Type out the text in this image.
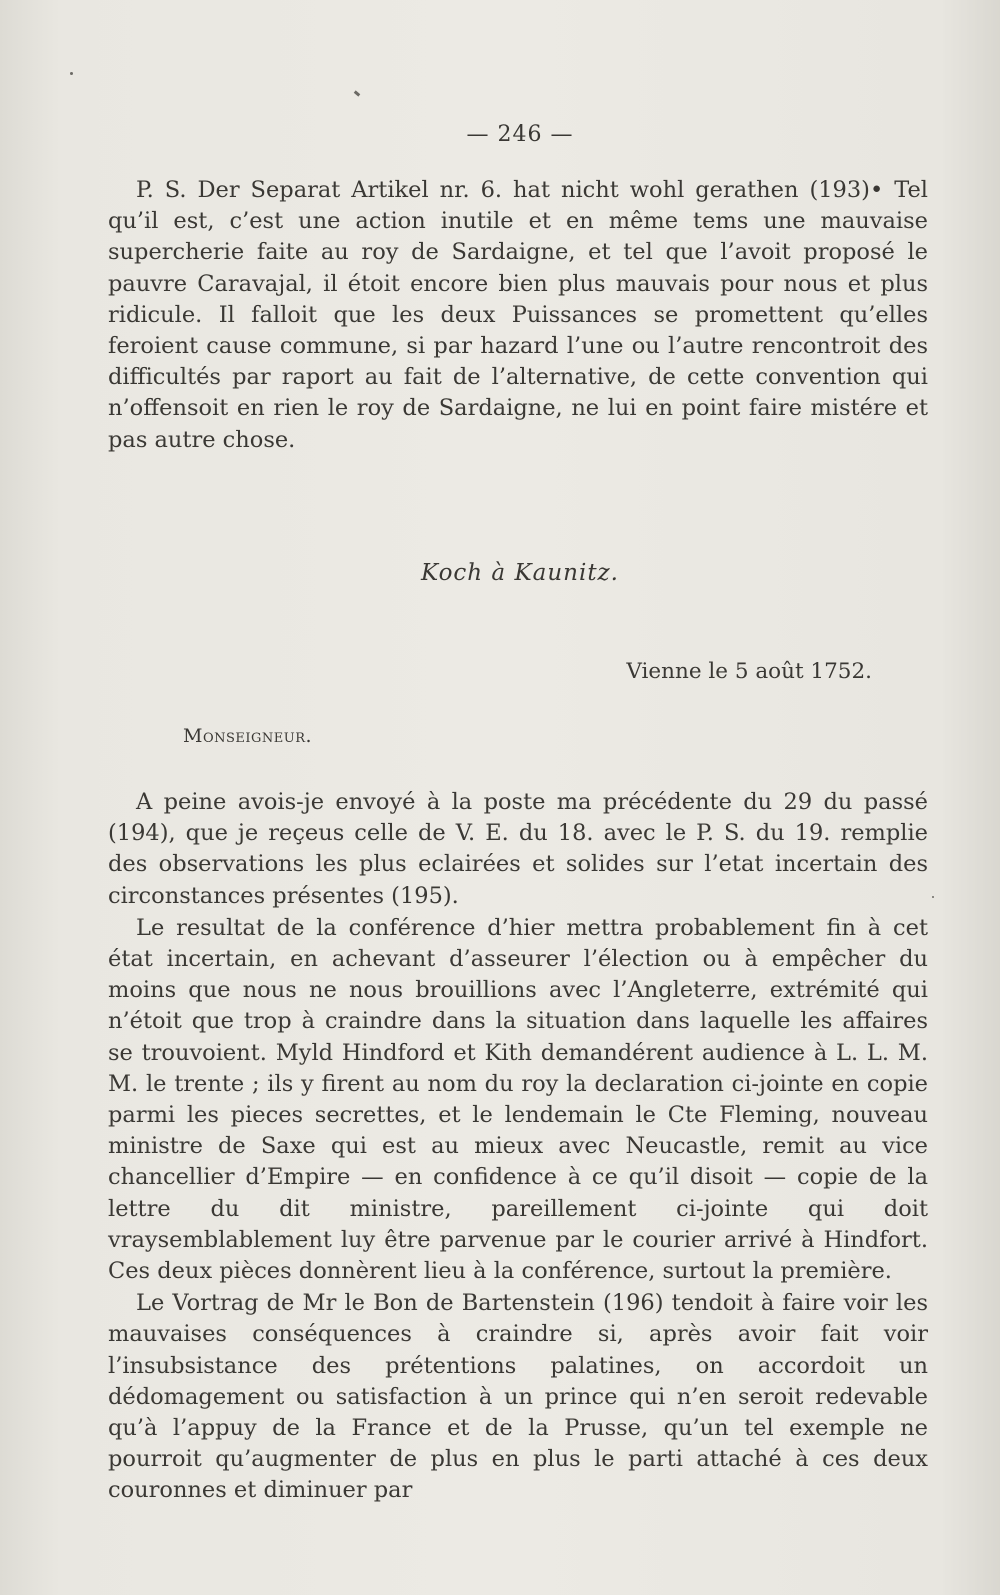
— 246 —

P. S. Der Separat Artikel nr. 6. hat nicht wohl gerathen (193)• Tel qu’il est, c’est une action inutile et en même tems une mauvaise supercherie faite au roy de Sardaigne, et tel que l’avoit proposé le pauvre Caravajal, il étoit encore bien plus mauvais pour nous et plus ridicule. Il falloit que les deux Puissances se promettent qu’elles feroient cause commune, si par hazard l’une ou l’autre rencontroit des difficultés par raport au fait de l’alternative, de cette convention qui n’offensoit en rien le roy de Sardaigne, ne lui en point faire mistére et pas autre chose.

Koch à Kaunitz.
Vienne le 5 août 1752.
Monseigneur.

A peine avois-je envoyé à la poste ma précédente du 29 du passé (194), que je reçeus celle de V. E. du 18. avec le P. S. du 19. remplie des observations les plus eclairées et solides sur l’etat incertain des circonstances présentes (195).

Le resultat de la conférence d’hier mettra probablement fin à cet état incertain, en achevant d’asseurer l’élection ou à empêcher du moins que nous ne nous brouillions avec l’Angleterre, extrémité qui n’étoit que trop à craindre dans la situation dans laquelle les affaires se trouvoient. Myld Hindford et Kith demandérent audience à L. L. M. M. le trente ; ils y firent au nom du roy la declaration ci-jointe en copie parmi les pieces secrettes, et le lendemain le Cte Fleming, nouveau ministre de Saxe qui est au mieux avec Neucastle, remit au vice chancellier d’Empire — en confidence à ce qu’il disoit — copie de la lettre du dit ministre, pareillement ci-jointe qui doit vraysemblablement luy être parvenue par le courier arrivé à Hindfort. Ces deux pièces donnèrent lieu à la conférence, surtout la première.

Le Vortrag de Mr le Bon de Bartenstein (196) tendoit à faire voir les mauvaises conséquences à craindre si, après avoir fait voir l’insubsistance des prétentions palatines, on accordoit un dédomagement ou satisfaction à un prince qui n’en seroit redevable qu’à l’appuy de la France et de la Prusse, qu’un tel exemple ne pourroit qu’augmenter de plus en plus le parti attaché à ces deux couronnes et diminuer par
